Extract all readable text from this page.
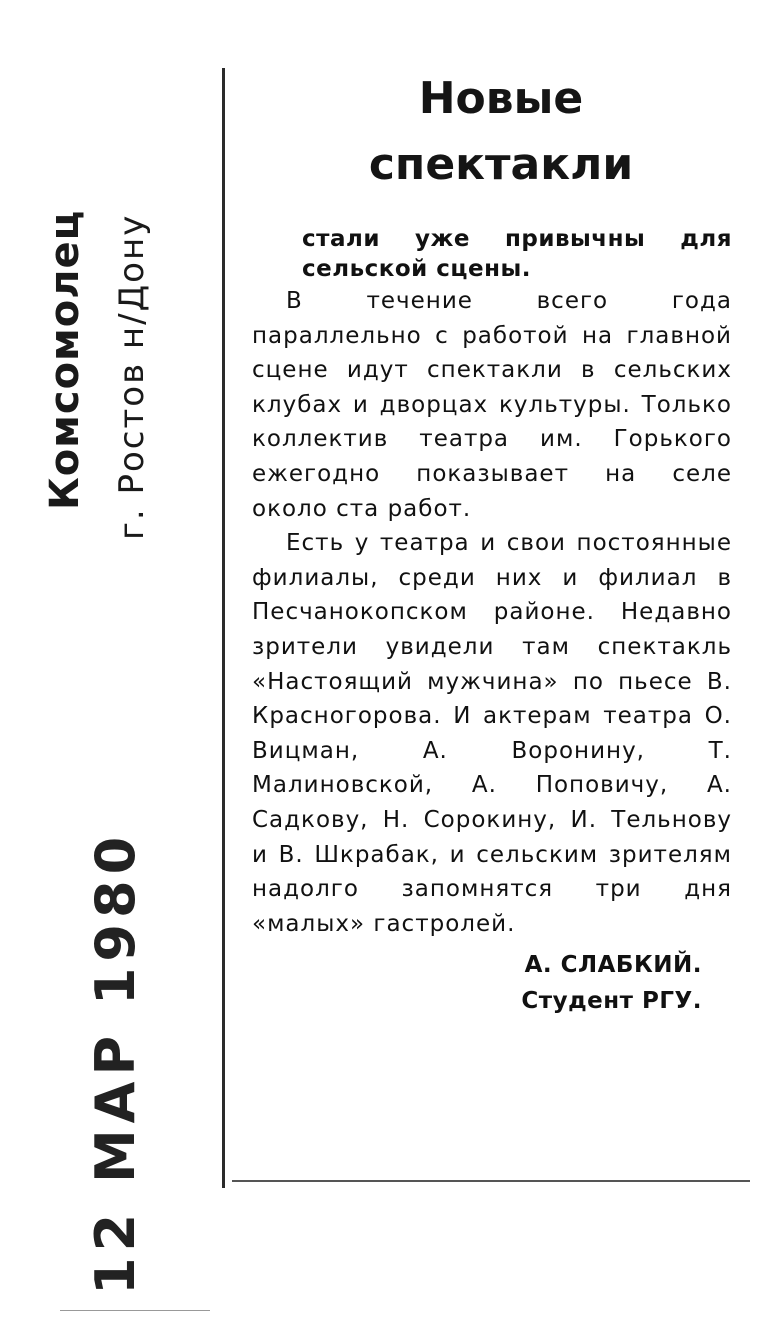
Комсомолец г. Ростов н/Дону
12 МАР 1980
Новые
спектакли

стали уже привычны для сельской сцены.

В течение всего года параллельно с работой на главной сцене идут спектакли в сельских клубах и дворцах культуры. Только коллектив театра им. Горького ежегодно показывает на селе около ста работ.

Есть у театра и свои постоянные филиалы, среди них и филиал в Песчанокопском районе. Недавно зрители увидели там спектакль «Настоящий мужчина» по пьесе В. Красногорова. И актерам театра О. Вицман, А. Воронину, Т. Малиновской, А. Поповичу, А. Садкову, Н. Сорокину, И. Тельнову и В. Шкрабак, и сельским зрителям надолго запомнятся три дня «малых» гастролей.

А. СЛАБКИЙ.
Студент РГУ.
